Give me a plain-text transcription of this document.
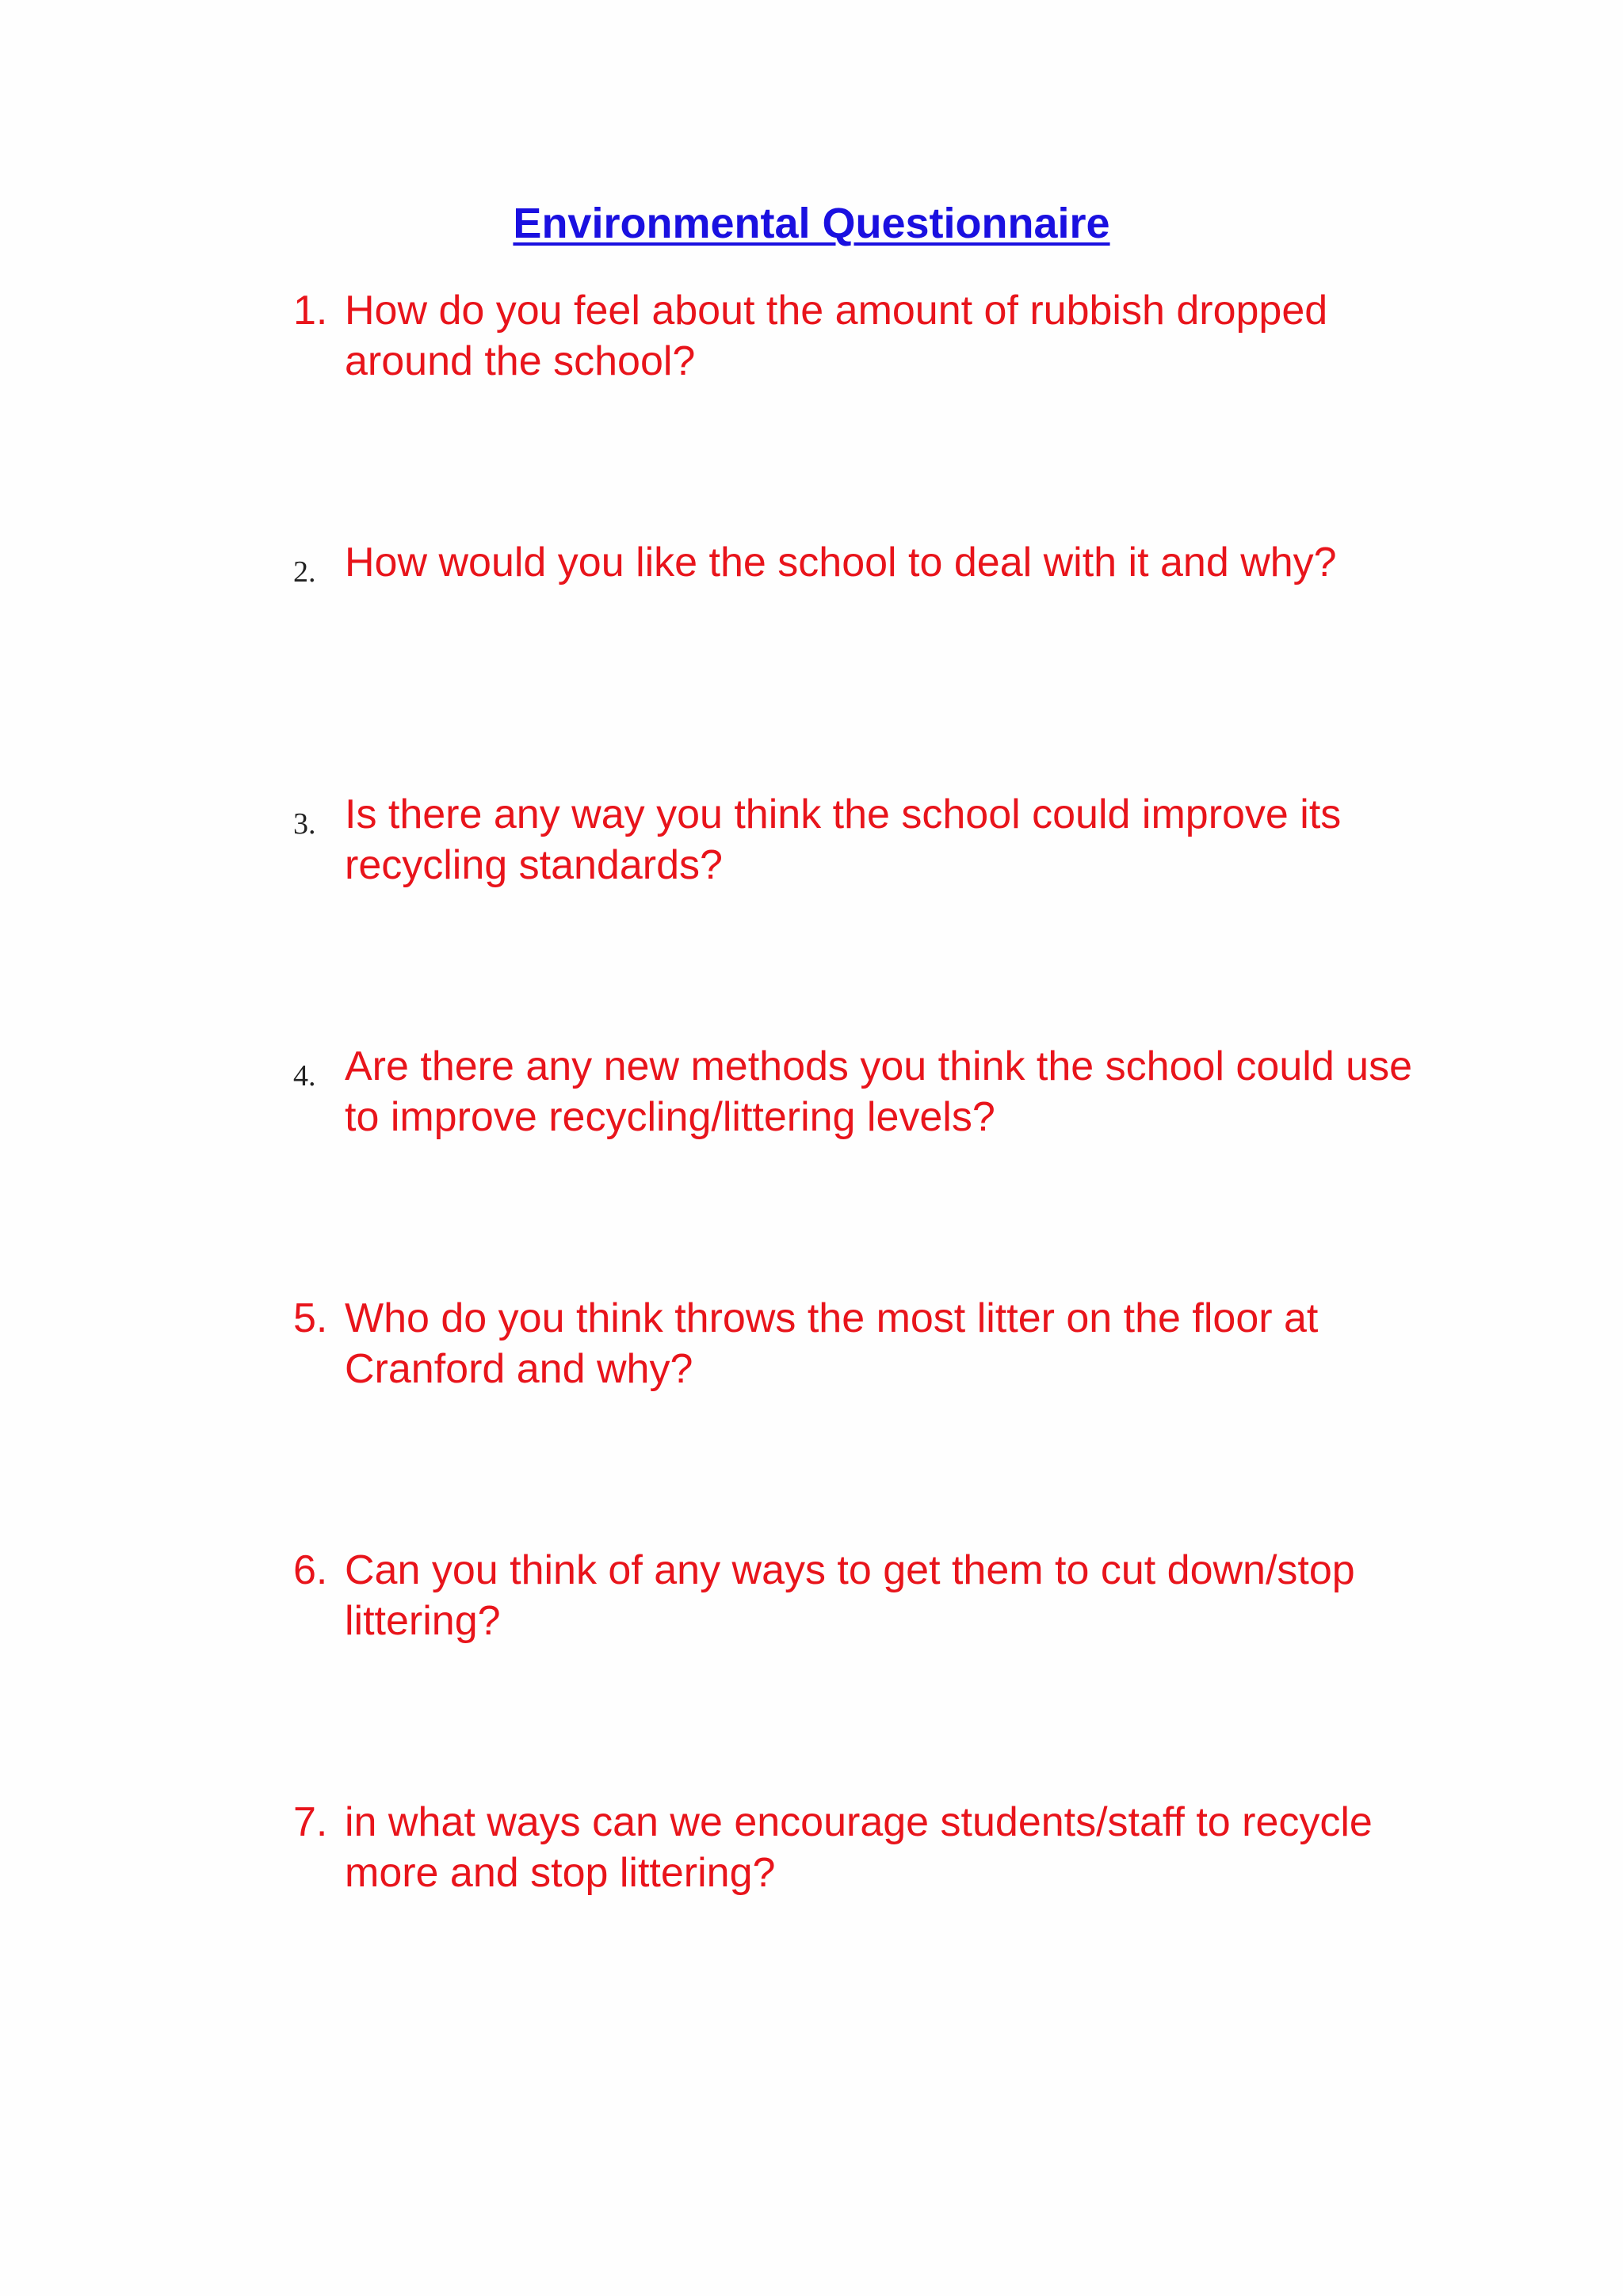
Environmental Questionnaire
1. How do you feel about the amount of rubbish dropped around the school?
2. How would you like the school to deal with it and why?
3. Is there any way you think the school could improve its recycling standards?
4. Are there any new methods you think the school could use to improve recycling/littering levels?
5. Who do you think throws the most litter on the floor at Cranford and why?
6. Can you think of any ways to get them to cut down/stop littering?
7. in what ways can we encourage students/staff to recycle more and stop littering?
